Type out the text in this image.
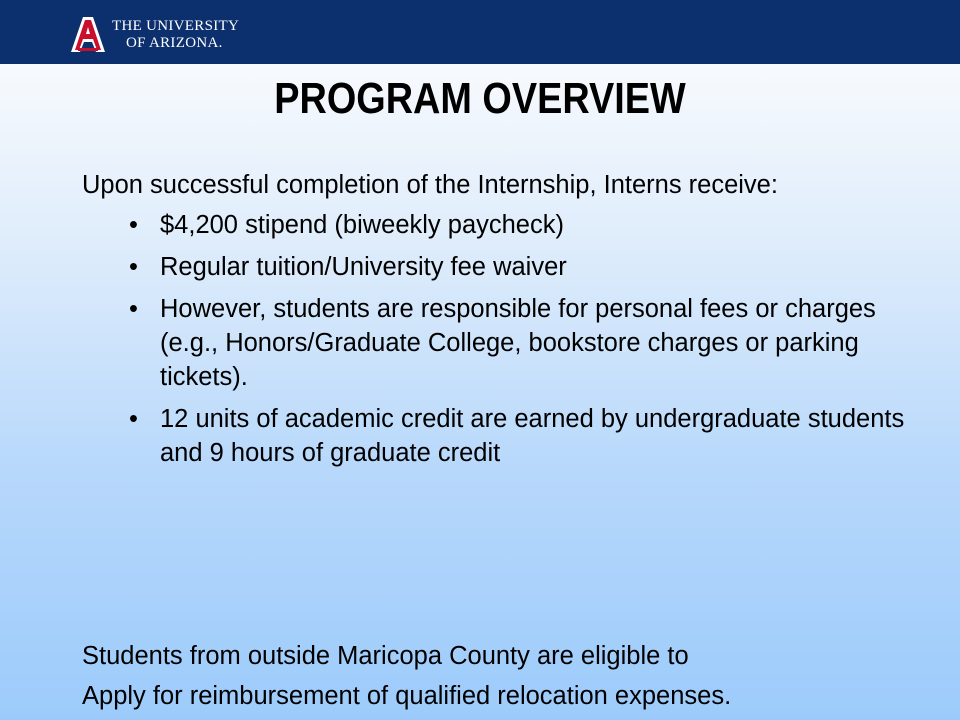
THE UNIVERSITY
OF ARIZONA.
PROGRAM OVERVIEW

Upon successful completion of the Internship, Interns receive:

• $4,200 stipend (biweekly paycheck)
• Regular tuition/University fee waiver
• However, students are responsible for personal fees or charges (e.g., Honors/Graduate College, bookstore charges or parking tickets).
• 12 units of academic credit are earned by undergraduate students and 9 hours of graduate credit

Students from outside Maricopa County are eligible to

Apply for reimbursement of qualified relocation expenses.
